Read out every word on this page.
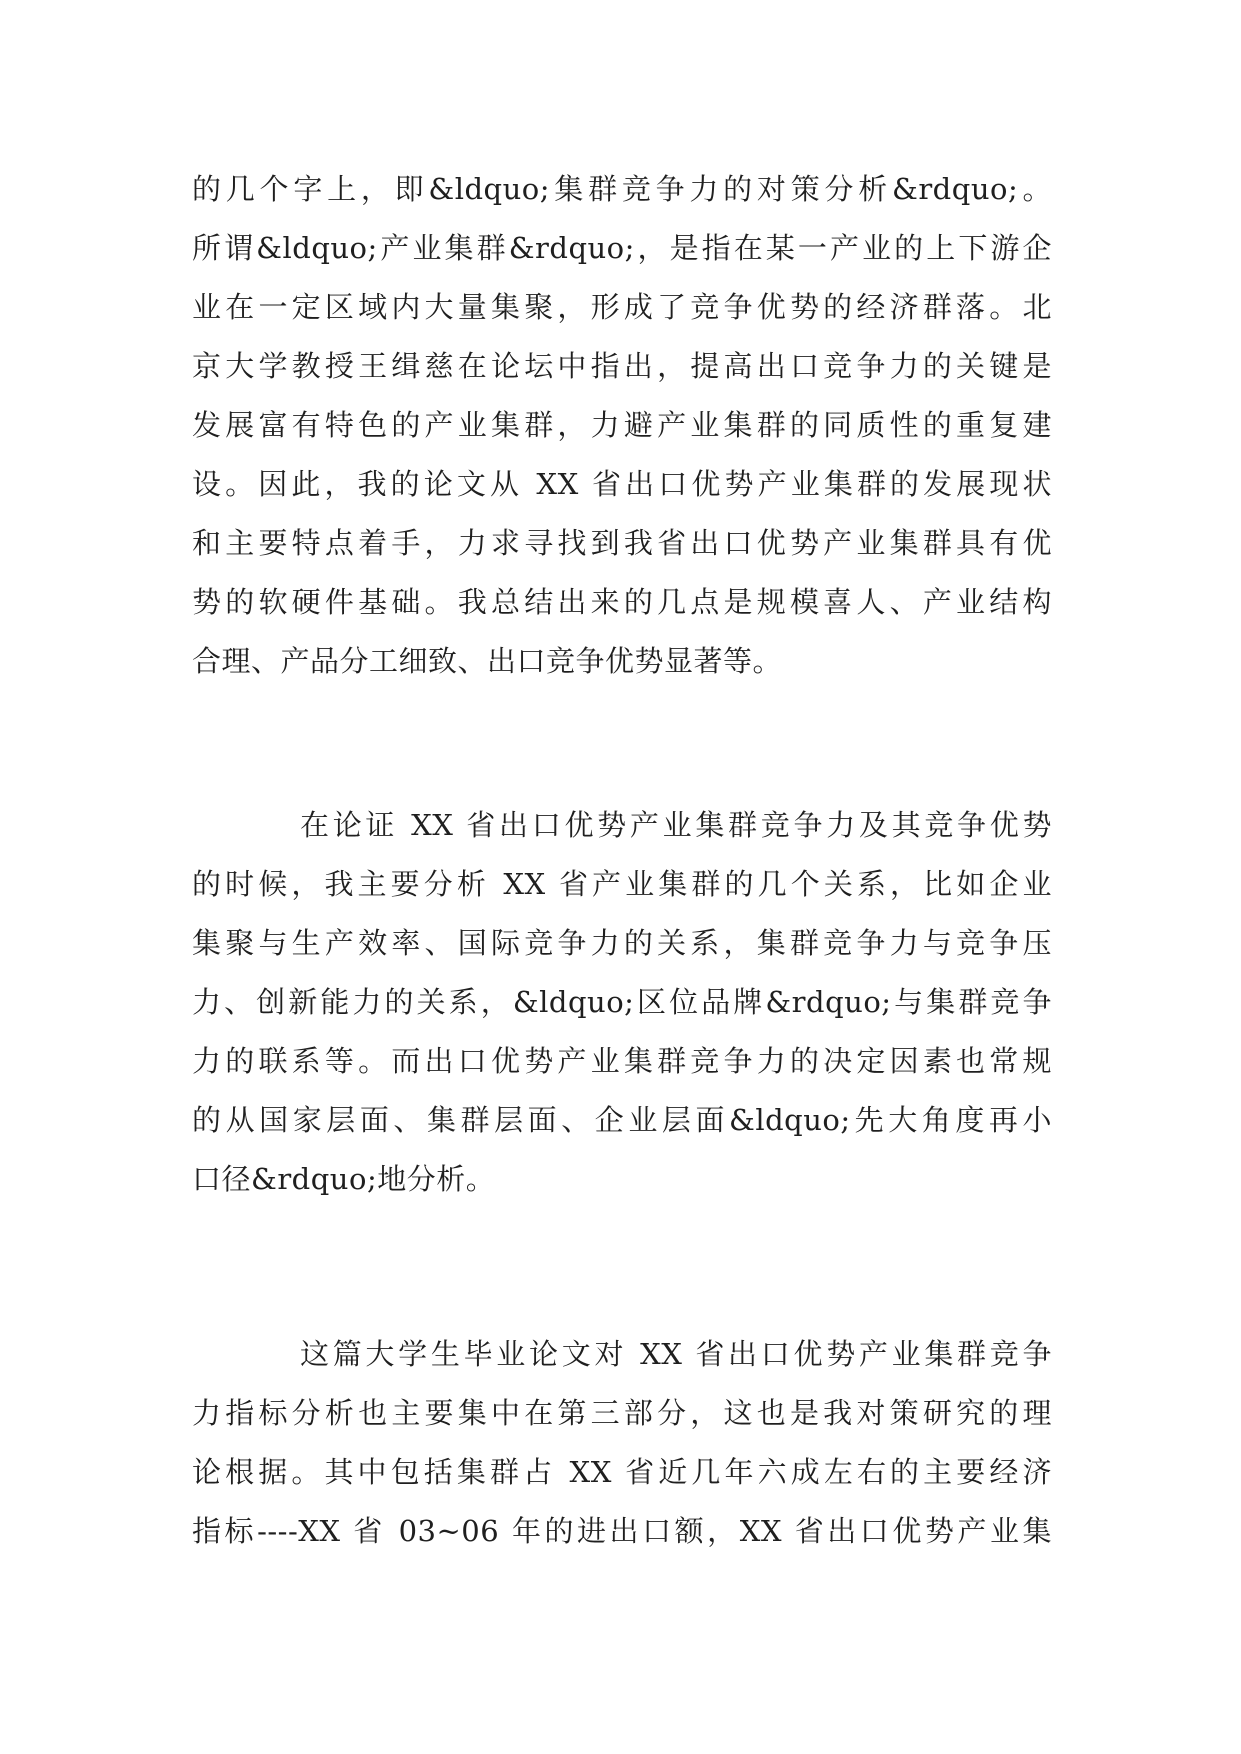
的几个字上，即&ldquo;集群竞争力的对策分析&rdquo;。
所谓&ldquo;产业集群&rdquo;，是指在某一产业的上下游企
业在一定区域内大量集聚，形成了竞争优势的经济群落。北
京大学教授王缉慈在论坛中指出，提高出口竞争力的关键是
发展富有特色的产业集群，力避产业集群的同质性的重复建
设。因此，我的论文从 XX 省出口优势产业集群的发展现状
和主要特点着手，力求寻找到我省出口优势产业集群具有优
势的软硬件基础。我总结出来的几点是规模喜人、产业结构
合理、产品分工细致、出口竞争优势显著等。
在论证 XX 省出口优势产业集群竞争力及其竞争优势
的时候，我主要分析 XX 省产业集群的几个关系，比如企业
集聚与生产效率、国际竞争力的关系，集群竞争力与竞争压
力、创新能力的关系，&ldquo;区位品牌&rdquo;与集群竞争
力的联系等。而出口优势产业集群竞争力的决定因素也常规
的从国家层面、集群层面、企业层面&ldquo;先大角度再小
口径&rdquo;地分析。
这篇大学生毕业论文对 XX 省出口优势产业集群竞争
力指标分析也主要集中在第三部分，这也是我对策研究的理
论根据。其中包括集群占 XX 省近几年六成左右的主要经济
指标----XX 省 03~06 年的进出口额，XX 省出口优势产业集
